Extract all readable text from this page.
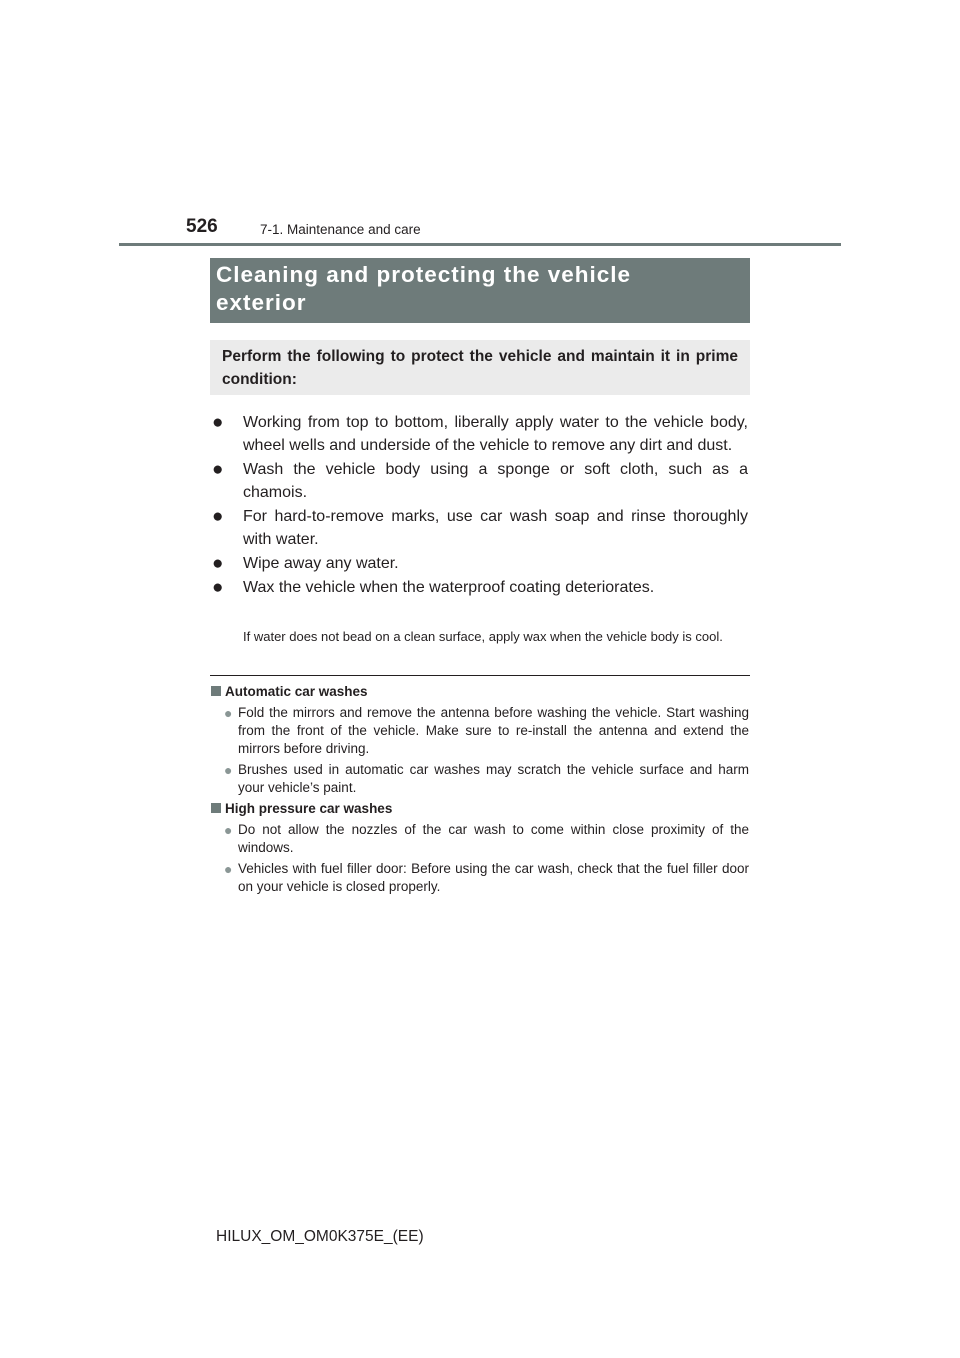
526	7-1. Maintenance and care
Cleaning and protecting the vehicle
exterior
Perform the following to protect the vehicle and maintain it in prime condition:
● Working from top to bottom, liberally apply water to the vehicle body, wheel wells and underside of the vehicle to remove any dirt and dust.
● Wash the vehicle body using a sponge or soft cloth, such as a chamois.
● For hard-to-remove marks, use car wash soap and rinse thoroughly with water.
● Wipe away any water.
● Wax the vehicle when the waterproof coating deteriorates.
If water does not bead on a clean surface, apply wax when the vehicle body is cool.
Automatic car washes
● Fold the mirrors and remove the antenna before washing the vehicle. Start washing from the front of the vehicle. Make sure to re-install the antenna and extend the mirrors before driving.
● Brushes used in automatic car washes may scratch the vehicle surface and harm your vehicle’s paint.
High pressure car washes
● Do not allow the nozzles of the car wash to come within close proximity of the windows.
● Vehicles with fuel filler door: Before using the car wash, check that the fuel filler door on your vehicle is closed properly.
HILUX_OM_OM0K375E_(EE)
